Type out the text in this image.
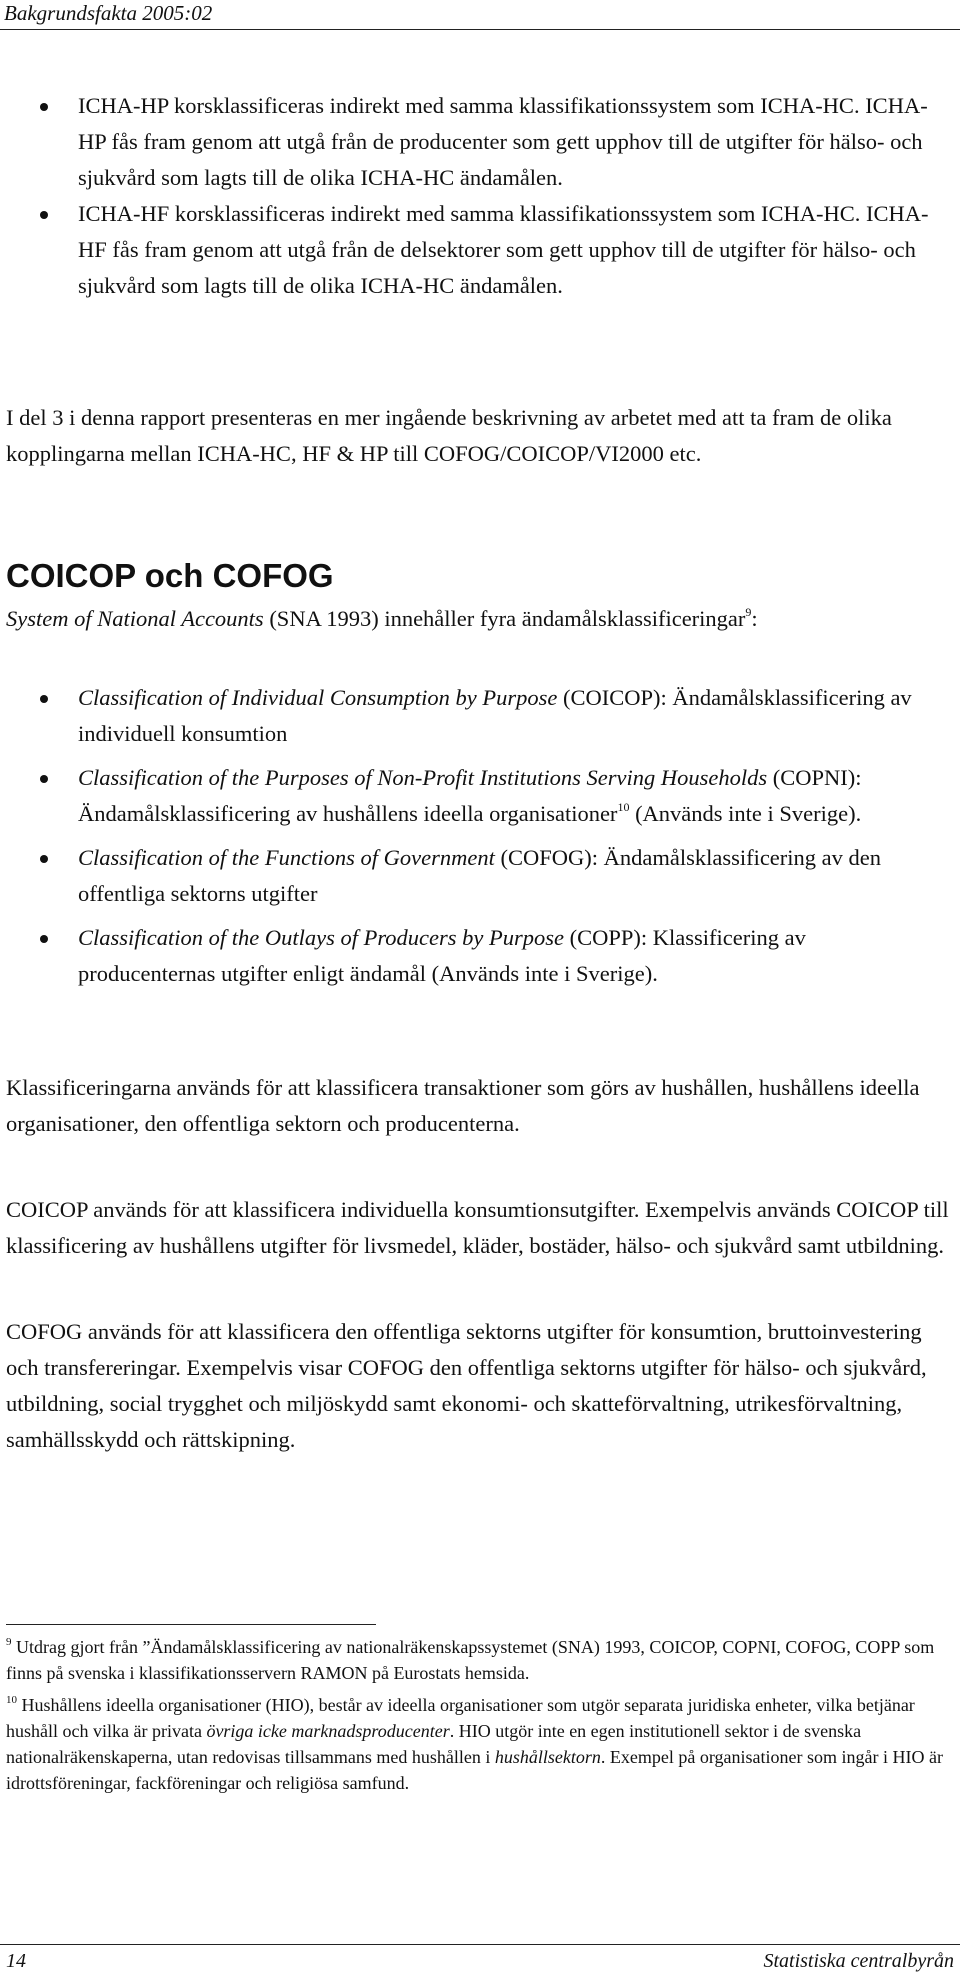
Bakgrundsfakta 2005:02
ICHA-HP korsklassificeras indirekt med samma klassifikationssystem som ICHA-HC. ICHA-HP fås fram genom att utgå från de producenter som gett upphov till de utgifter för hälso- och sjukvård som lagts till de olika ICHA-HC ändamålen.
ICHA-HF korsklassificeras indirekt med samma klassifikationssystem som ICHA-HC. ICHA-HF fås fram genom att utgå från de delsektorer som gett upphov till de utgifter för hälso- och sjukvård som lagts till de olika ICHA-HC ändamålen.

I del 3 i denna rapport presenteras en mer ingående beskrivning av arbetet med att ta fram de olika kopplingarna mellan ICHA-HC, HF & HP till COFOG/COICOP/VI2000 etc.

COICOP och COFOG

System of National Accounts (SNA 1993) innehåller fyra ändamålsklassificeringar$^9$:

Classification of Individual Consumption by Purpose (COICOP): Ändamålsklassificering av individuell konsumtion
Classification of the Purposes of Non-Profit Institutions Serving Households (COPNI): Ändamålsklassificering av hushållens ideella organisationer$^{10}$ (Används inte i Sverige).
Classification of the Functions of Government (COFOG): Ändamålsklassificering av den offentliga sektorns utgifter
Classification of the Outlays of Producers by Purpose (COPP): Klassificering av producenternas utgifter enligt ändamål (Används inte i Sverige).

Klassificeringarna används för att klassificera transaktioner som görs av hushållen, hushållens ideella organisationer, den offentliga sektorn och producenterna.

COICOP används för att klassificera individuella konsumtionsutgifter. Exempelvis används COICOP till klassificering av hushållens utgifter för livsmedel, kläder, bostäder, hälso- och sjukvård samt utbildning.

COFOG används för att klassificera den offentliga sektorns utgifter för konsumtion, bruttoinvestering och transfereringar. Exempelvis visar COFOG den offentliga sektorns utgifter för hälso- och sjukvård, utbildning, social trygghet och miljöskydd samt ekonomi- och skatteförvaltning, utrikesförvaltning, samhällsskydd och rättskipning.

$^9$ Utdrag gjort från ”Ändamålsklassificering av nationalräkenskapssystemet (SNA) 1993, COICOP, COPNI, COFOG, COPP som finns på svenska i klassifikationsservern RAMON på Eurostats hemsida.

$^{10}$ Hushållens ideella organisationer (HIO), består av ideella organisationer som utgör separata juridiska enheter, vilka betjänar hushåll och vilka är privata övriga icke marknadsproducenter. HIO utgör inte en egen institutionell sektor i de svenska nationalräkenskaperna, utan redovisas tillsammans med hushållen i hushållsektorn. Exempel på organisationer som ingår i HIO är idrottsföreningar, fackföreningar och religiösa samfund.

14	Statistiska centralbyrån
